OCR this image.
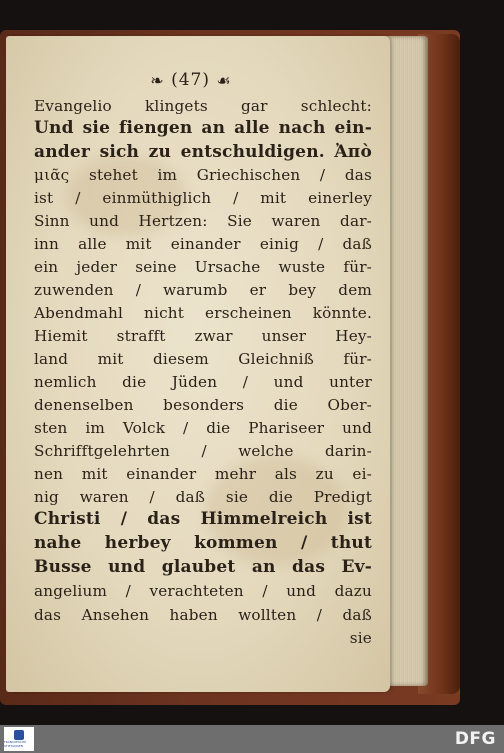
❧ (47) ☙
Evangelio klingets gar schlecht:
Und sie fiengen an alle nach ein-
ander sich zu entschuldigen. Ἀπὸ
μιᾶς stehet im Griechischen / das
ist / einmüthiglich / mit einerley
Sinn und Hertzen: Sie waren dar-
inn alle mit einander einig / daß
ein jeder seine Ursache wuste für-
zuwenden / warumb er bey dem
Abendmahl nicht erscheinen könnte.
Hiemit strafft zwar unser Hey-
land mit diesem Gleichniß für-
nemlich die Jüden / und unter
denenselben besonders die Ober-
sten im Volck / die Phariseer und
Schrifftgelehrten / welche darin-
nen mit einander mehr als zu ei-
nig waren / daß sie die Predigt
Christi / das Himmelreich ist
nahe herbey kommen / thut
Busse und glaubet an das Ev-
angelium / verachteten / und dazu
das Ansehen haben wollten / daß
sie
FRANCKESCHE STIFTUNGEN	DFG
